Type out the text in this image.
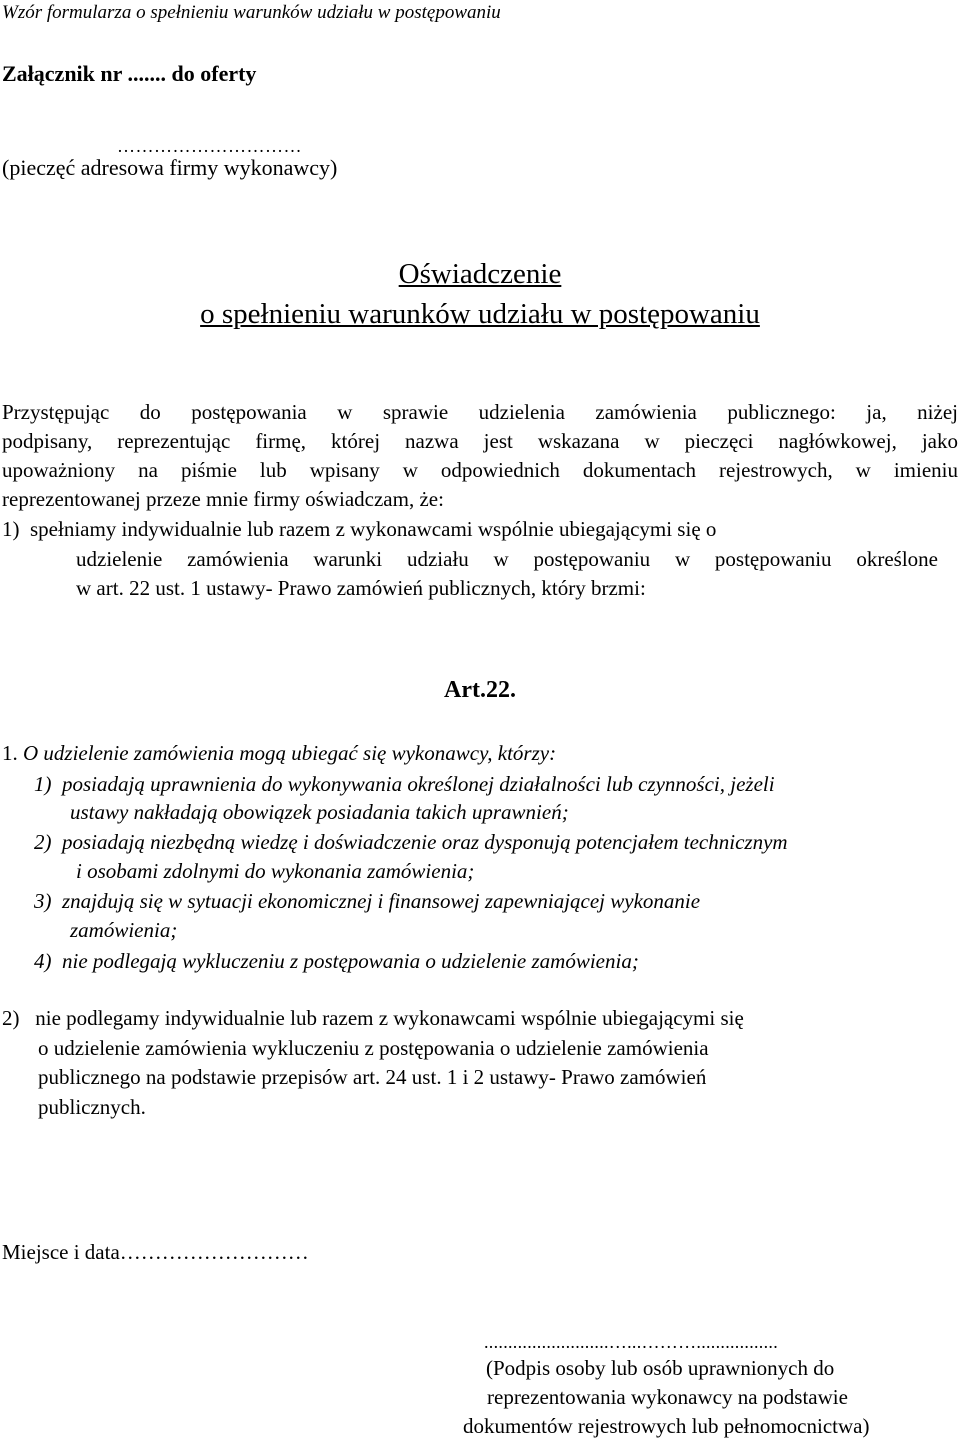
Wzór formularza o spełnieniu warunków udziału w postępowaniu
Załącznik nr ....... do oferty
…………………………
(pieczęć adresowa firmy wykonawcy)
Oświadczenie
o spełnieniu warunków udziału w postępowaniu
Przystępując do postępowania w sprawie udzielenia zamówienia publicznego: ja, niżej
podpisany, reprezentując firmę, której nazwa jest wskazana w pieczęci nagłówkowej, jako
upoważniony na piśmie lub wpisany w odpowiednich dokumentach rejestrowych, w imieniu
reprezentowanej przeze mnie firmy oświadczam, że:
1)  spełniamy indywidualnie lub razem z wykonawcami wspólnie ubiegającymi się o
udzielenie zamówienia warunki udziału w postępowaniu w postępowaniu określone
w art. 22 ust. 1 ustawy- Prawo zamówień publicznych, który brzmi:
Art.22.
1. O udzielenie zamówienia mogą ubiegać się wykonawcy, którzy:
1)  posiadają uprawnienia do wykonywania określonej działalności lub czynności, jeżeli
ustawy nakładają obowiązek posiadania takich uprawnień;
2)  posiadają niezbędną wiedzę i doświadczenie oraz dysponują potencjałem technicznym
i osobami zdolnymi do wykonania zamówienia;
3)  znajdują się w sytuacji ekonomicznej i finansowej zapewniającej wykonanie
zamówienia;
4)  nie podlegają wykluczeniu z postępowania o udzielenie zamówienia;
2)   nie podlegamy indywidualnie lub razem z wykonawcami wspólnie ubiegającymi się
o udzielenie zamówienia wykluczeniu z postępowania o udzielenie zamówienia
publicznego na podstawie przepisów art. 24 ust. 1 i 2 ustawy- Prawo zamówień
publicznych.
Miejsce i data………………………
..........................…...……….................
(Podpis osoby lub osób uprawnionych do
reprezentowania wykonawcy na podstawie
dokumentów rejestrowych lub pełnomocnictwa)
